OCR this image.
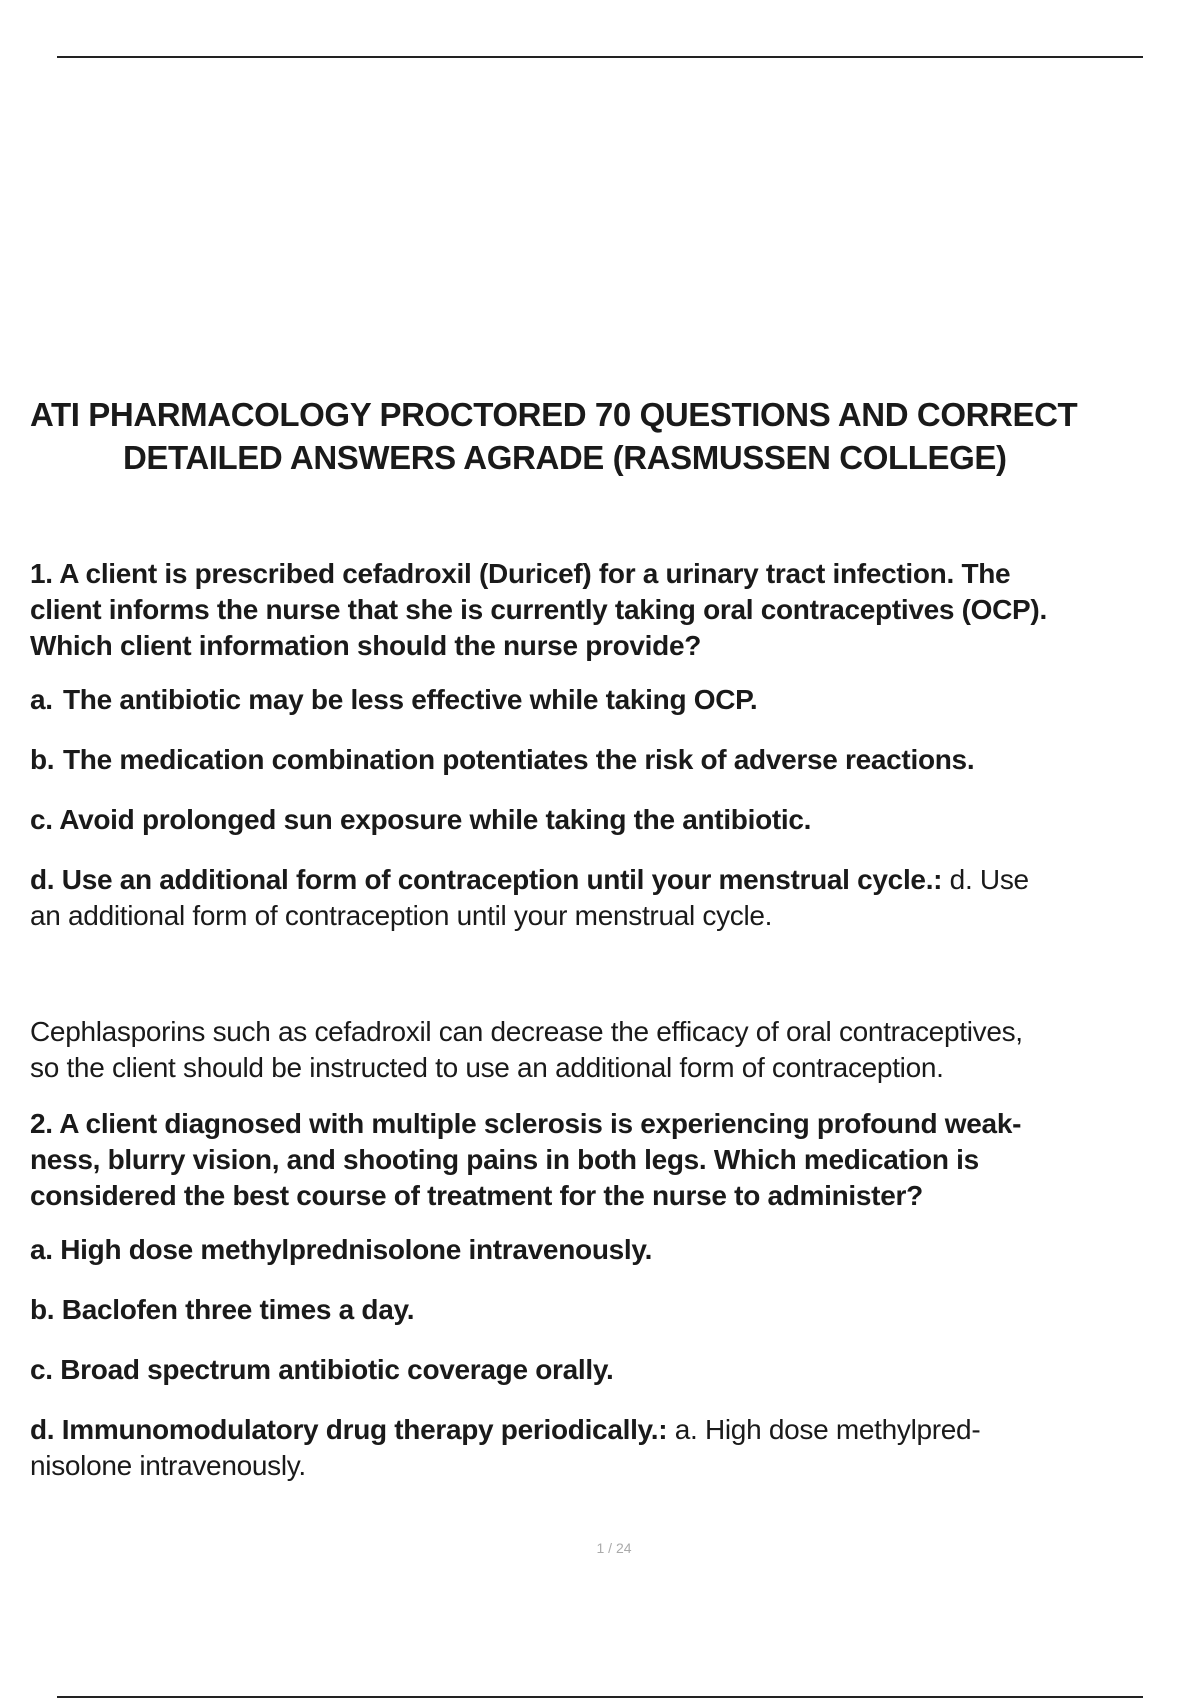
ATI PHARMACOLOGY PROCTORED 70 QUESTIONS AND CORRECT
DETAILED ANSWERS AGRADE (RASMUSSEN COLLEGE)
1. A client is prescribed cefadroxil (Duricef) for a urinary tract infection. The
client informs the nurse that she is currently taking oral contraceptives (OCP).
Which client information should the nurse provide?
a. The antibiotic may be less effective while taking OCP.
b. The medication combination potentiates the risk of adverse reactions.
c. Avoid prolonged sun exposure while taking the antibiotic.
d. Use an additional form of contraception until your menstrual cycle.: d. Use
an additional form of contraception until your menstrual cycle.
Cephlasporins such as cefadroxil can decrease the efficacy of oral contraceptives,
so the client should be instructed to use an additional form of contraception.
2. A client diagnosed with multiple sclerosis is experiencing profound weak-
ness, blurry vision, and shooting pains in both legs. Which medication is
considered the best course of treatment for the nurse to administer?
a. High dose methylprednisolone intravenously.
b. Baclofen three times a day.
c. Broad spectrum antibiotic coverage orally.
d. Immunomodulatory drug therapy periodically.: a. High dose methylpred-
nisolone intravenously.
1 / 24
